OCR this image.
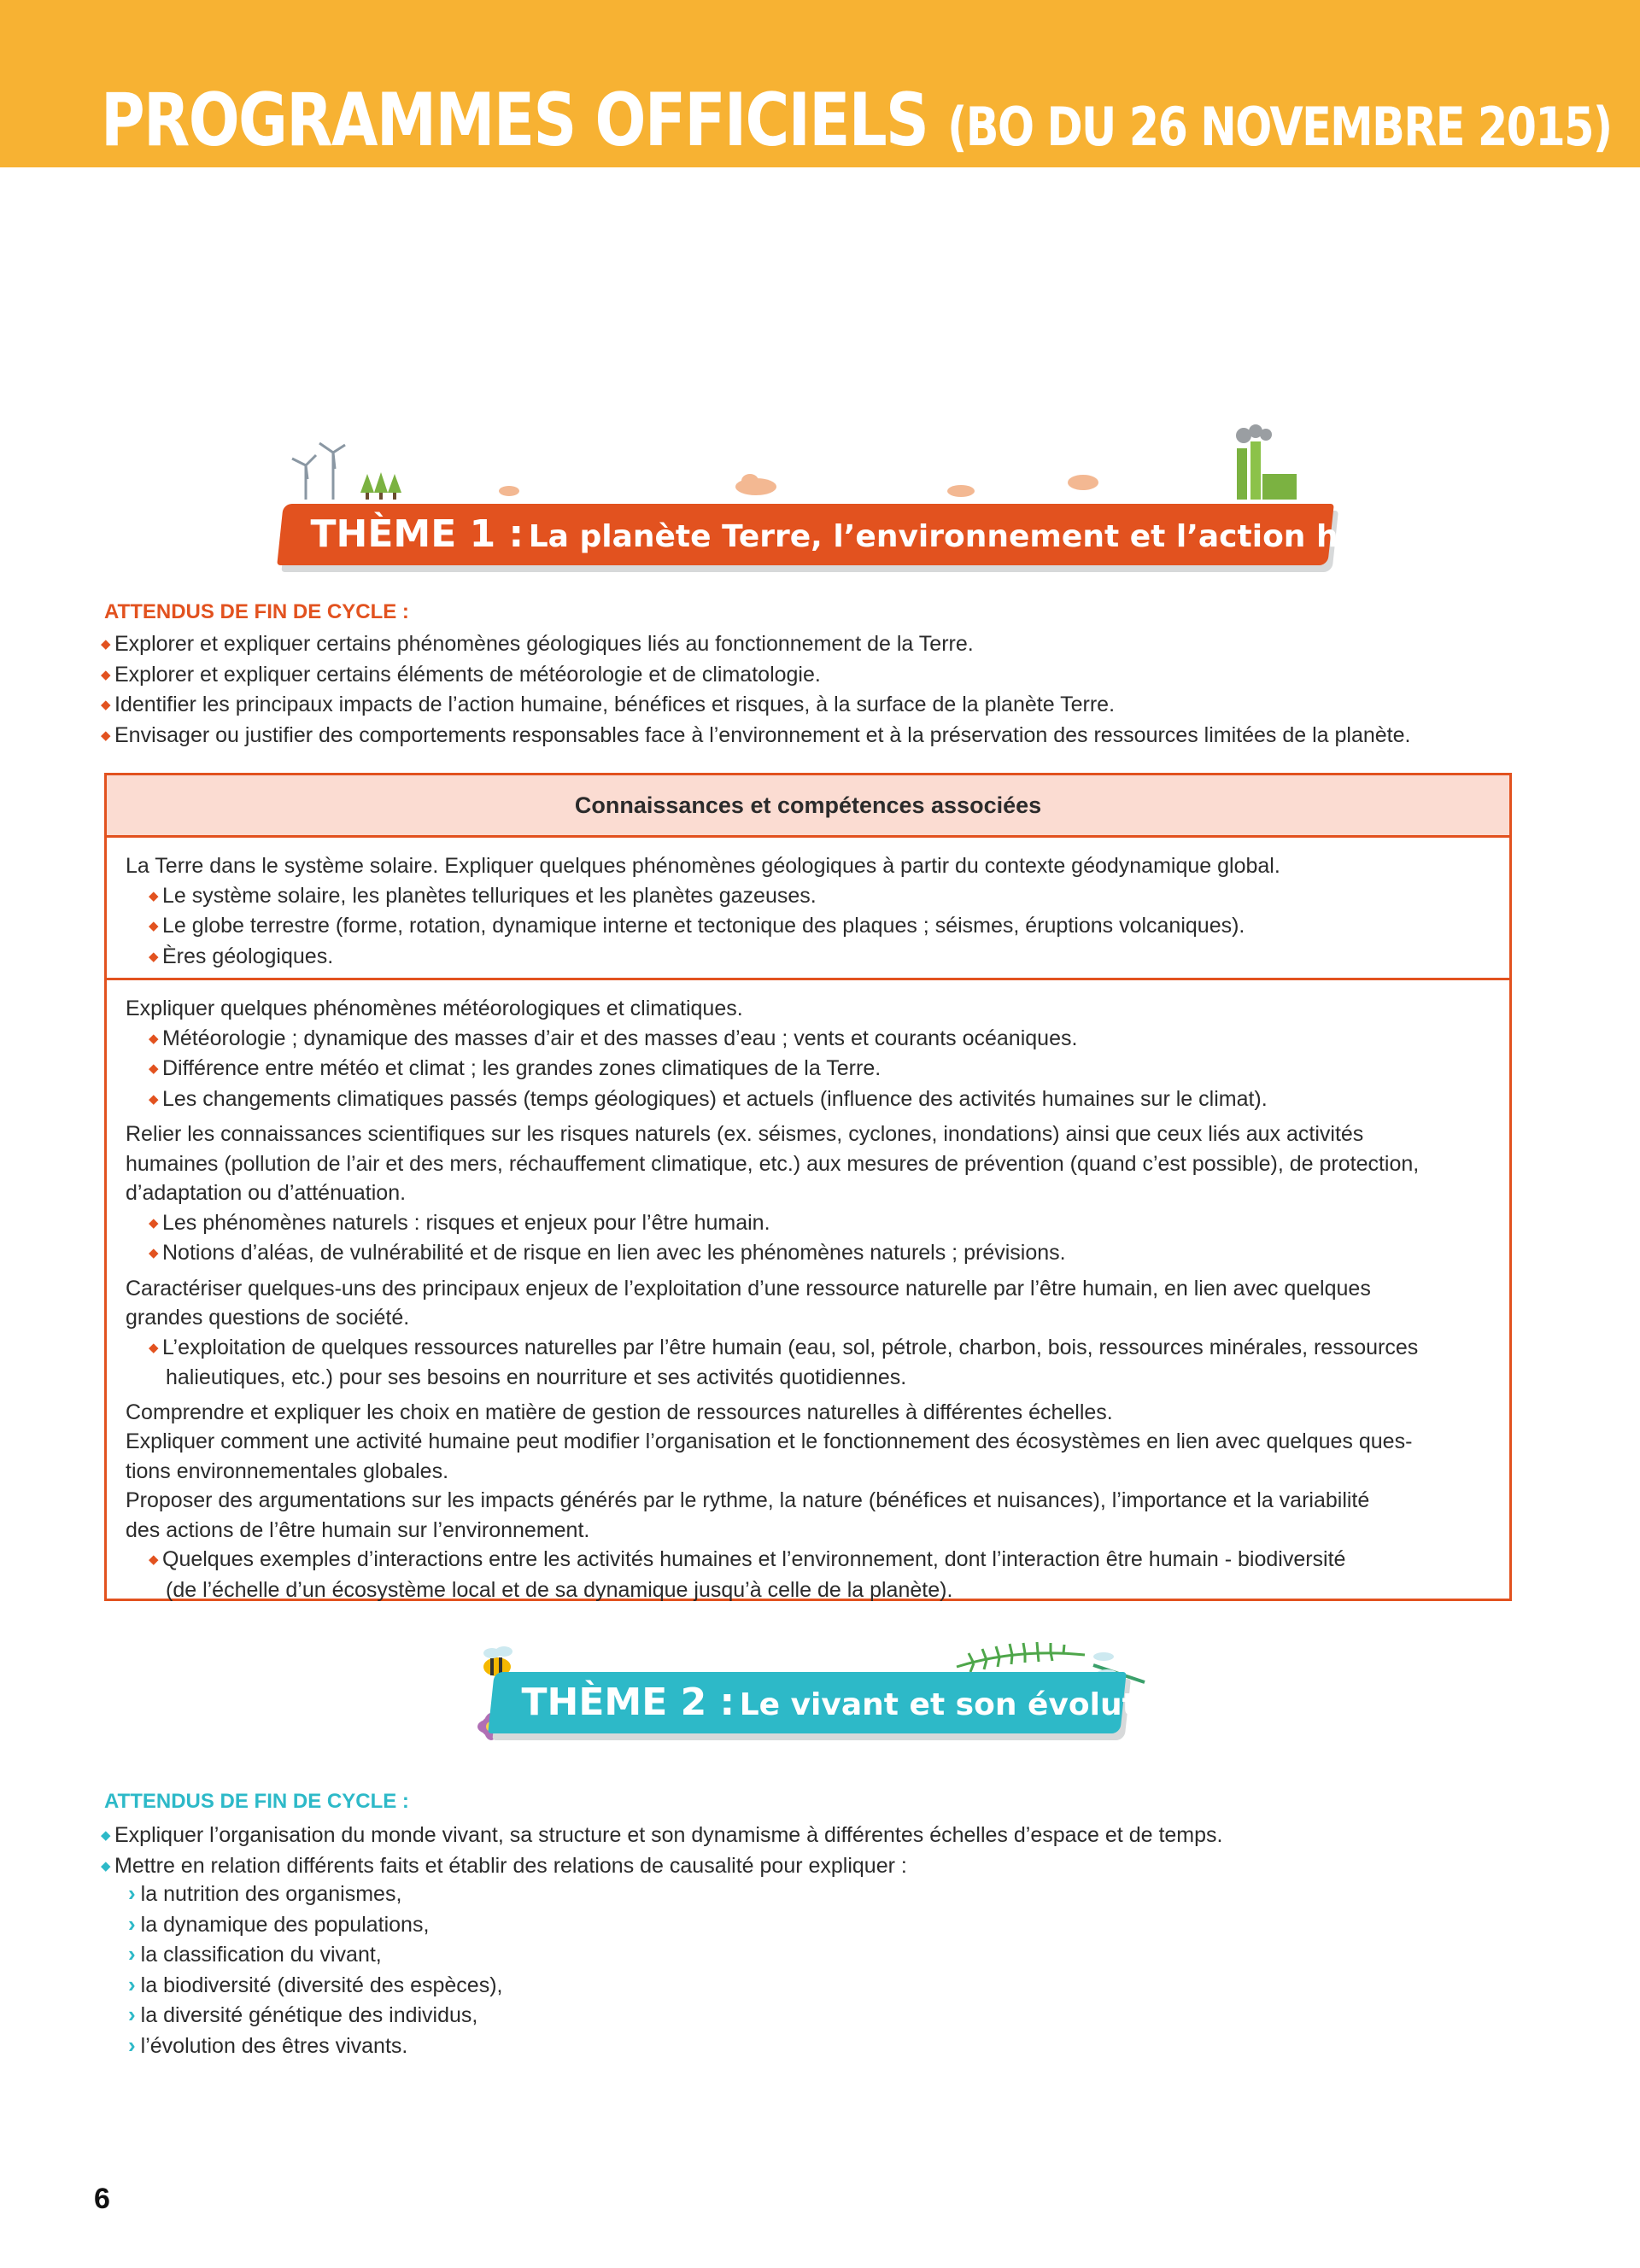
PROGRAMMES OFFICIELS (BO DU 26 NOVEMBRE 2015)
THÈME 1 : La planète Terre, l’environnement et l’action humaine
ATTENDUS DE FIN DE CYCLE :
◆ Explorer et expliquer certains phénomènes géologiques liés au fonctionnement de la Terre.
◆ Explorer et expliquer certains éléments de météorologie et de climatologie.
◆ Identifier les principaux impacts de l’action humaine, bénéfices et risques, à la surface de la planète Terre.
◆ Envisager ou justifier des comportements responsables face à l’environnement et à la préservation des ressources limitées de la planète.
Connaissances et compétences associées
La Terre dans le système solaire. Expliquer quelques phénomènes géologiques à partir du contexte géodynamique global.
◆ Le système solaire, les planètes telluriques et les planètes gazeuses.
◆ Le globe terrestre (forme, rotation, dynamique interne et tectonique des plaques ; séismes, éruptions volcaniques).
◆ Ères géologiques.
Expliquer quelques phénomènes météorologiques et climatiques.
◆ Météorologie ; dynamique des masses d’air et des masses d’eau ; vents et courants océaniques.
◆ Différence entre météo et climat ; les grandes zones climatiques de la Terre.
◆ Les changements climatiques passés (temps géologiques) et actuels (influence des activités humaines sur le climat).
Relier les connaissances scientifiques sur les risques naturels (ex. séismes, cyclones, inondations) ainsi que ceux liés aux activités
humaines (pollution de l’air et des mers, réchauffement climatique, etc.) aux mesures de prévention (quand c’est possible), de protection,
d’adaptation ou d’atténuation.
◆ Les phénomènes naturels : risques et enjeux pour l’être humain.
◆ Notions d’aléas, de vulnérabilité et de risque en lien avec les phénomènes naturels ; prévisions.
Caractériser quelques-uns des principaux enjeux de l’exploitation d’une ressource naturelle par l’être humain, en lien avec quelques
grandes questions de société.
◆ L’exploitation de quelques ressources naturelles par l’être humain (eau, sol, pétrole, charbon, bois, ressources minérales, ressources
halieutiques, etc.) pour ses besoins en nourriture et ses activités quotidiennes.
Comprendre et expliquer les choix en matière de gestion de ressources naturelles à différentes échelles.
Expliquer comment une activité humaine peut modifier l’organisation et le fonctionnement des écosystèmes en lien avec quelques ques-
tions environnementales globales.
Proposer des argumentations sur les impacts générés par le rythme, la nature (bénéfices et nuisances), l’importance et la variabilité
des actions de l’être humain sur l’environnement.
◆ Quelques exemples d’interactions entre les activités humaines et l’environnement, dont l’interaction être humain - biodiversité
(de l’échelle d’un écosystème local et de sa dynamique jusqu’à celle de la planète).
THÈME 2 : Le vivant et son évolution
ATTENDUS DE FIN DE CYCLE :
◆ Expliquer l’organisation du monde vivant, sa structure et son dynamisme à différentes échelles d’espace et de temps.
◆ Mettre en relation différents faits et établir des relations de causalité pour expliquer :
› la nutrition des organismes,
› la dynamique des populations,
› la classification du vivant,
› la biodiversité (diversité des espèces),
› la diversité génétique des individus,
› l’évolution des êtres vivants.
6
